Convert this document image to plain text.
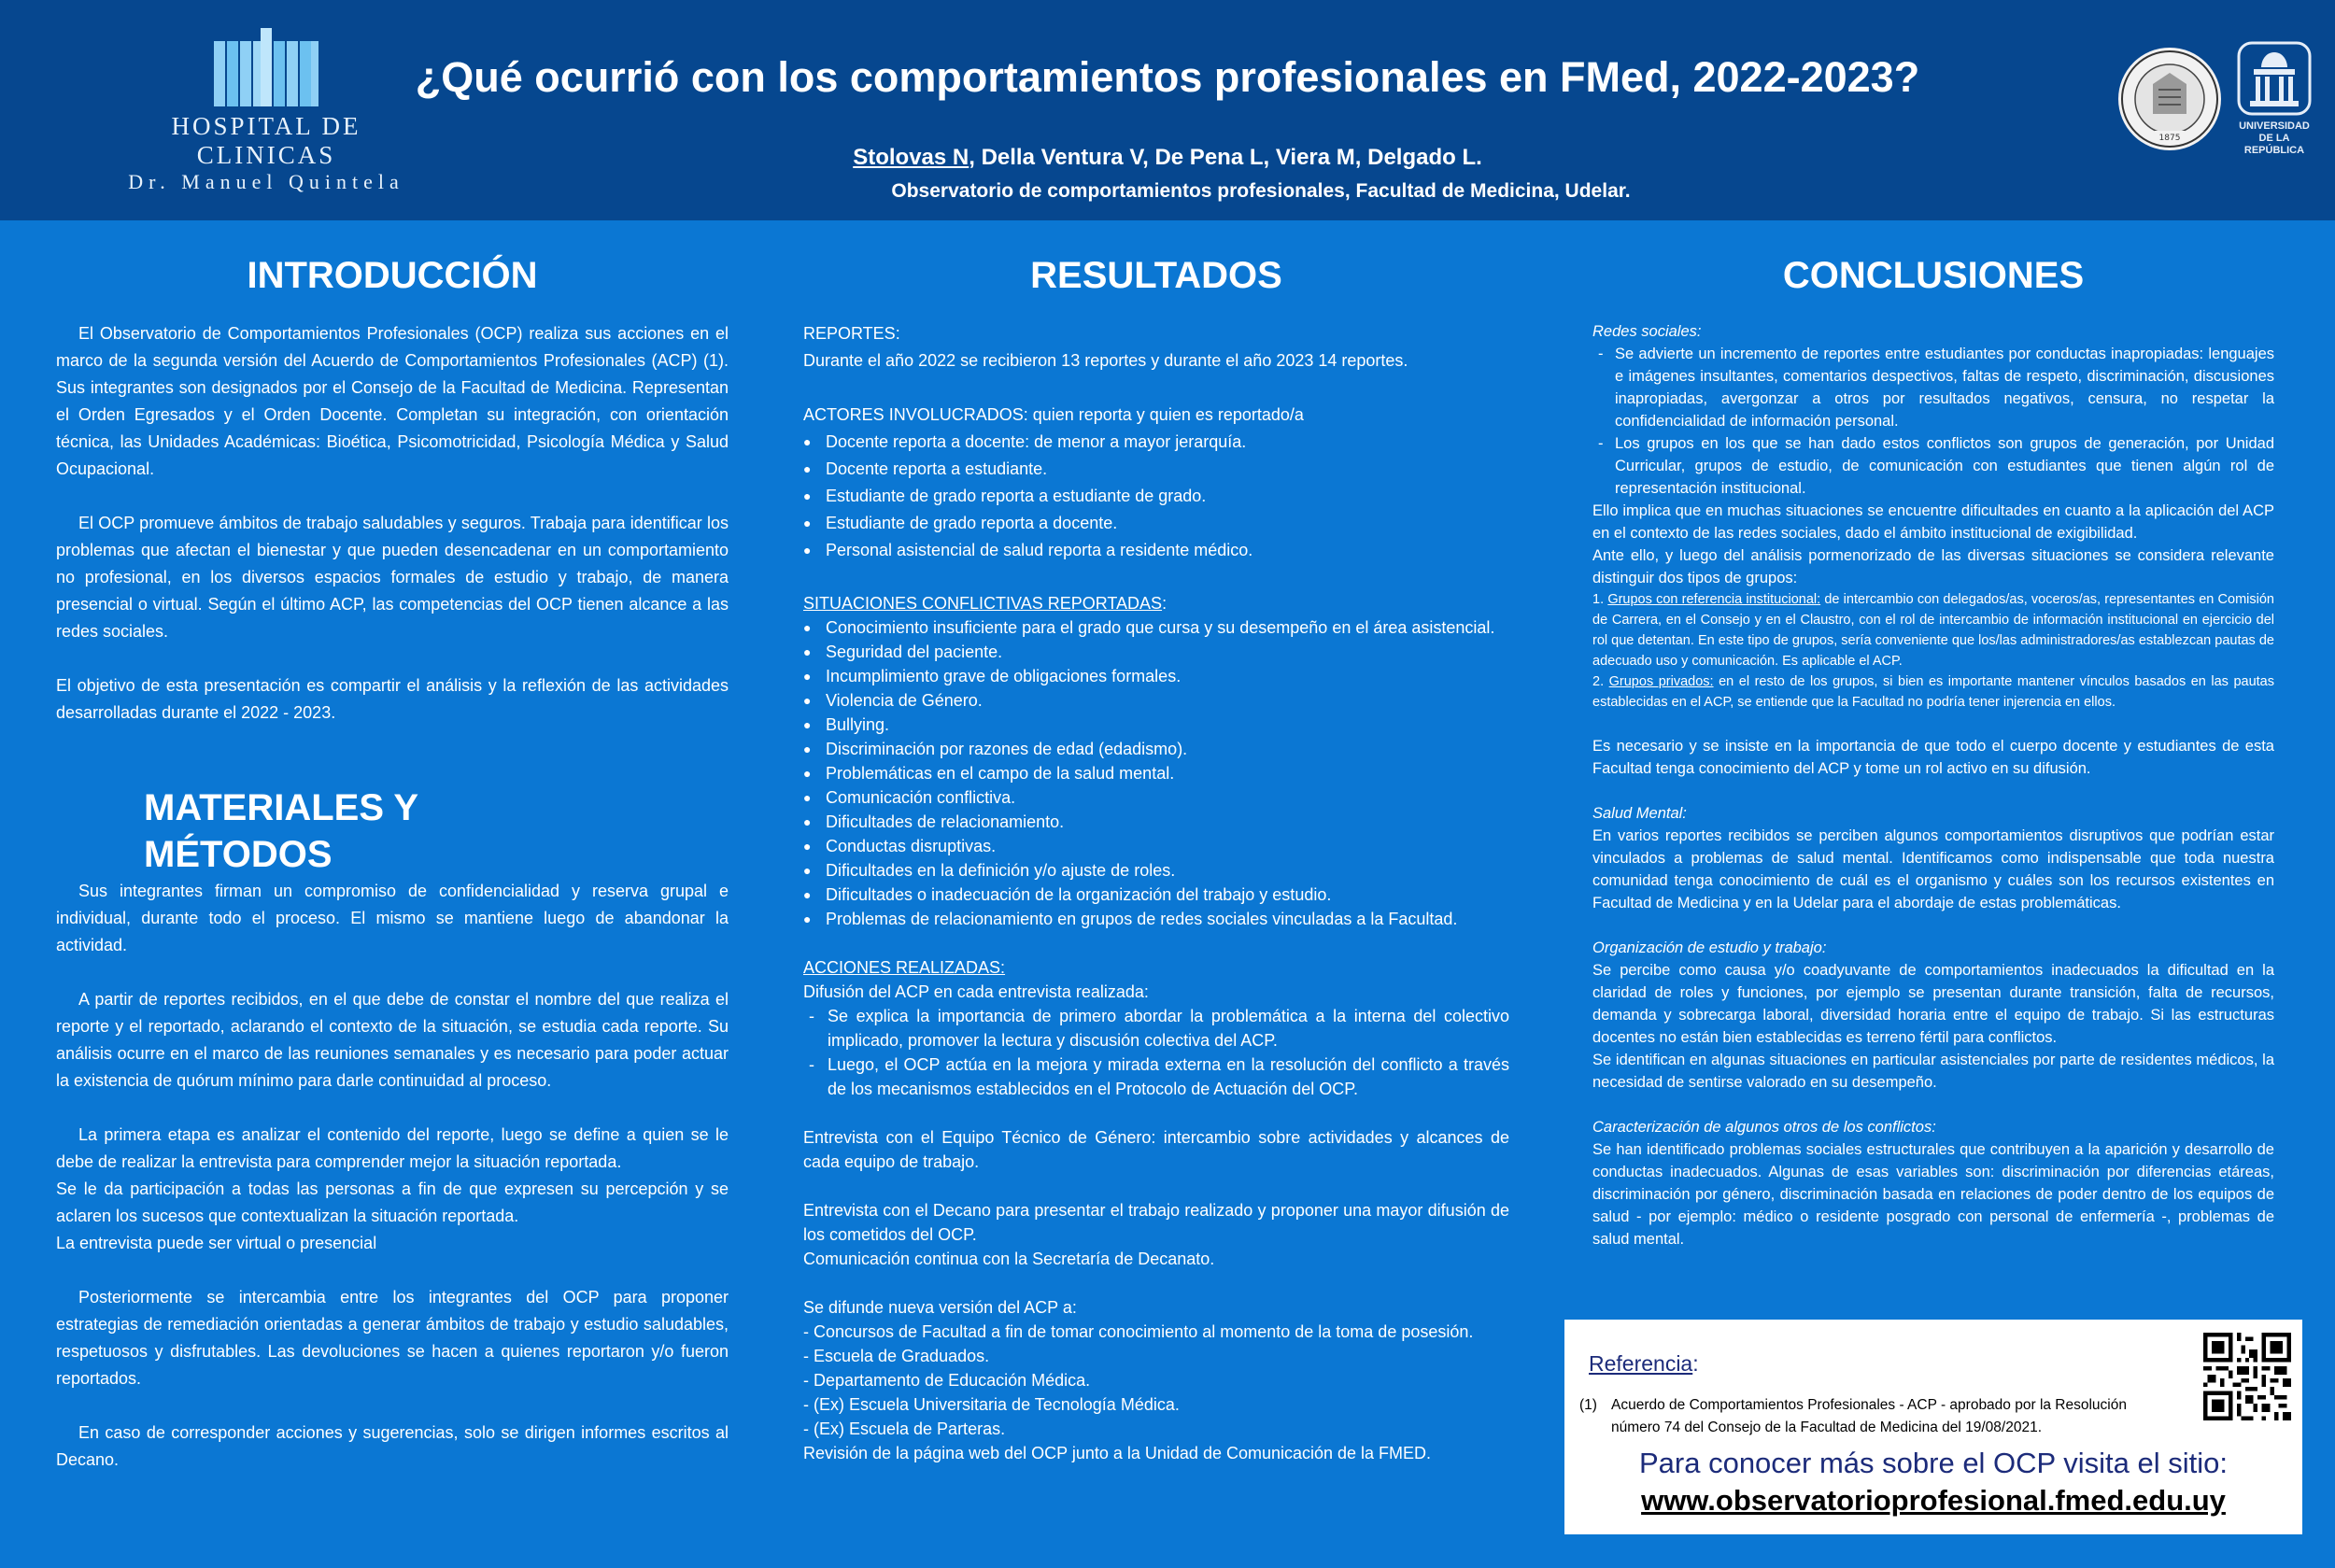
HOSPITAL DE CLINICAS
Dr. Manuel Quintela
¿Qué ocurrió con los comportamientos profesionales en FMed, 2022-2023?
Stolovas N, Della Ventura V, De Pena L, Viera M, Delgado L.
Observatorio de comportamientos profesionales, Facultad de Medicina, Udelar.
1875
UNIVERSIDAD
DE LA REPÚBLICA
INTRODUCCIÓN

El Observatorio de Comportamientos Profesionales (OCP) realiza sus acciones en el marco de la segunda versión del Acuerdo de Comportamientos Profesionales (ACP) (1). Sus integrantes son designados por el Consejo de la Facultad de Medicina. Representan el Orden Egresados y el Orden Docente. Completan su integración, con orientación técnica, las Unidades Académicas: Bioética, Psicomotricidad, Psicología Médica y Salud Ocupacional.

El OCP promueve ámbitos de trabajo saludables y seguros. Trabaja para identificar los problemas que afectan el bienestar y que pueden desencadenar en un comportamiento no profesional, en los diversos espacios formales de estudio y trabajo, de manera presencial o virtual. Según el último ACP, las competencias del OCP tienen alcance a las redes sociales.

El objetivo de esta presentación es compartir el análisis y la reflexión de las actividades desarrolladas durante el 2022 - 2023.

MATERIALES Y MÉTODOS

Sus integrantes firman un compromiso de confidencialidad y reserva grupal e individual, durante todo el proceso. El mismo se mantiene luego de abandonar la actividad.

A partir de reportes recibidos, en el que debe de constar el nombre del que realiza el reporte y el reportado, aclarando el contexto de la situación, se estudia cada reporte. Su análisis ocurre en el marco de las reuniones semanales y es necesario para poder actuar la existencia de quórum mínimo para darle continuidad al proceso.

La primera etapa es analizar el contenido del reporte, luego se define a quien se le debe de realizar la entrevista para comprender mejor la situación reportada.

Se le da participación a todas las personas a fin de que expresen su percepción y se aclaren los sucesos que contextualizan la situación reportada.

La entrevista puede ser virtual o presencial

Posteriormente se intercambia entre los integrantes del OCP para proponer estrategias de remediación orientadas a generar ámbitos de trabajo y estudio saludables, respetuosos y disfrutables. Las devoluciones se hacen a quienes reportaron y/o fueron reportados.

En caso de corresponder acciones y sugerencias, solo se dirigen informes escritos al Decano.

RESULTADOS

REPORTES:

Durante el año 2022 se recibieron 13 reportes y durante el año 2023 14 reportes.

ACTORES INVOLUCRADOS: quien reporta y quien es reportado/a

● Docente reporta a docente: de menor a mayor jerarquía.
● Docente reporta a estudiante.
● Estudiante de grado reporta a estudiante de grado.
● Estudiante de grado reporta a docente.
● Personal asistencial de salud reporta a residente médico.

SITUACIONES CONFLICTIVAS REPORTADAS:

● Conocimiento insuficiente para el grado que cursa y su desempeño en el área asistencial.
● Seguridad del paciente.
● Incumplimiento grave de obligaciones formales.
● Violencia de Género.
● Bullying.
● Discriminación por razones de edad (edadismo).
● Problemáticas en el campo de la salud mental.
● Comunicación conflictiva.
● Dificultades de relacionamiento.
● Conductas disruptivas.
● Dificultades en la definición y/o ajuste de roles.
● Dificultades o inadecuación de la organización del trabajo y estudio.
● Problemas de relacionamiento en grupos de redes sociales vinculadas a la Facultad.

ACCIONES REALIZADAS:

Difusión del ACP en cada entrevista realizada:

- Se explica la importancia de primero abordar la problemática a la interna del colectivo implicado, promover la lectura y discusión colectiva del ACP.
- Luego, el OCP actúa en la mejora y mirada externa en la resolución del conflicto a través de los mecanismos establecidos en el Protocolo de Actuación del OCP.

Entrevista con el Equipo Técnico de Género: intercambio sobre actividades y alcances de cada equipo de trabajo.

Entrevista con el Decano para presentar el trabajo realizado y proponer una mayor difusión de los cometidos del OCP.

Comunicación continua con la Secretaría de Decanato.

Se difunde nueva versión del ACP a:

- Concursos de Facultad a fin de tomar conocimiento al momento de la toma de posesión.

- Escuela de Graduados.

- Departamento de Educación Médica.

- (Ex) Escuela Universitaria de Tecnología Médica.

- (Ex) Escuela de Parteras.

Revisión de la página web del OCP junto a la Unidad de Comunicación de la FMED.

CONCLUSIONES

Redes sociales:

- Se advierte un incremento de reportes entre estudiantes por conductas inapropiadas: lenguajes e imágenes insultantes, comentarios despectivos, faltas de respeto, discriminación, discusiones inapropiadas, avergonzar a otros por resultados negativos, censura, no respetar la confidencialidad de información personal.
- Los grupos en los que se han dado estos conflictos son grupos de generación, por Unidad Curricular, grupos de estudio, de comunicación con estudiantes que tienen algún rol de representación institucional.

Ello implica que en muchas situaciones se encuentre dificultades en cuanto a la aplicación del ACP en el contexto de las redes sociales, dado el ámbito institucional de exigibilidad.

Ante ello, y luego del análisis pormenorizado de las diversas situaciones se considera relevante distinguir dos tipos de grupos:

1. Grupos con referencia institucional: de intercambio con delegados/as, voceros/as, representantes en Comisión de Carrera, en el Consejo y en el Claustro, con el rol de intercambio de información institucional en ejercicio del rol que detentan. En este tipo de grupos, sería conveniente que los/las administradores/as establezcan pautas de adecuado uso y comunicación. Es aplicable el ACP.

2. Grupos privados: en el resto de los grupos, si bien es importante mantener vínculos basados en las pautas establecidas en el ACP, se entiende que la Facultad no podría tener injerencia en ellos.

Es necesario y se insiste en la importancia de que todo el cuerpo docente y estudiantes de esta Facultad tenga conocimiento del ACP y tome un rol activo en su difusión.

Salud Mental:

En varios reportes recibidos se perciben algunos comportamientos disruptivos que podrían estar vinculados a problemas de salud mental. Identificamos como indispensable que toda nuestra comunidad tenga conocimiento de cuál es el organismo y cuáles son los recursos existentes en Facultad de Medicina y en la Udelar para el abordaje de estas problemáticas.

Organización de estudio y trabajo:

Se percibe como causa y/o coadyuvante de comportamientos inadecuados la dificultad en la claridad de roles y funciones, por ejemplo se presentan durante transición, falta de recursos, demanda y sobrecarga laboral, diversidad horaria entre el equipo de trabajo. Si las estructuras docentes no están bien establecidas es terreno fértil para conflictos.

Se identifican en algunas situaciones en particular asistenciales por parte de residentes médicos, la necesidad de sentirse valorado en su desempeño.

Caracterización de algunos otros de los conflictos:

Se han identificado problemas sociales estructurales que contribuyen a la aparición y desarrollo de conductas inadecuados. Algunas de esas variables son: discriminación por diferencias etáreas, discriminación por género, discriminación basada en relaciones de poder dentro de los equipos de salud - por ejemplo: médico o residente posgrado con personal de enfermería -, problemas de salud mental.

Referencia:
(1) Acuerdo de Comportamientos Profesionales - ACP - aprobado por la Resolución número 74 del Consejo de la Facultad de Medicina del 19/08/2021.
Para conocer más sobre el OCP visita el sitio:
www.observatorioprofesional.fmed.edu.uy
